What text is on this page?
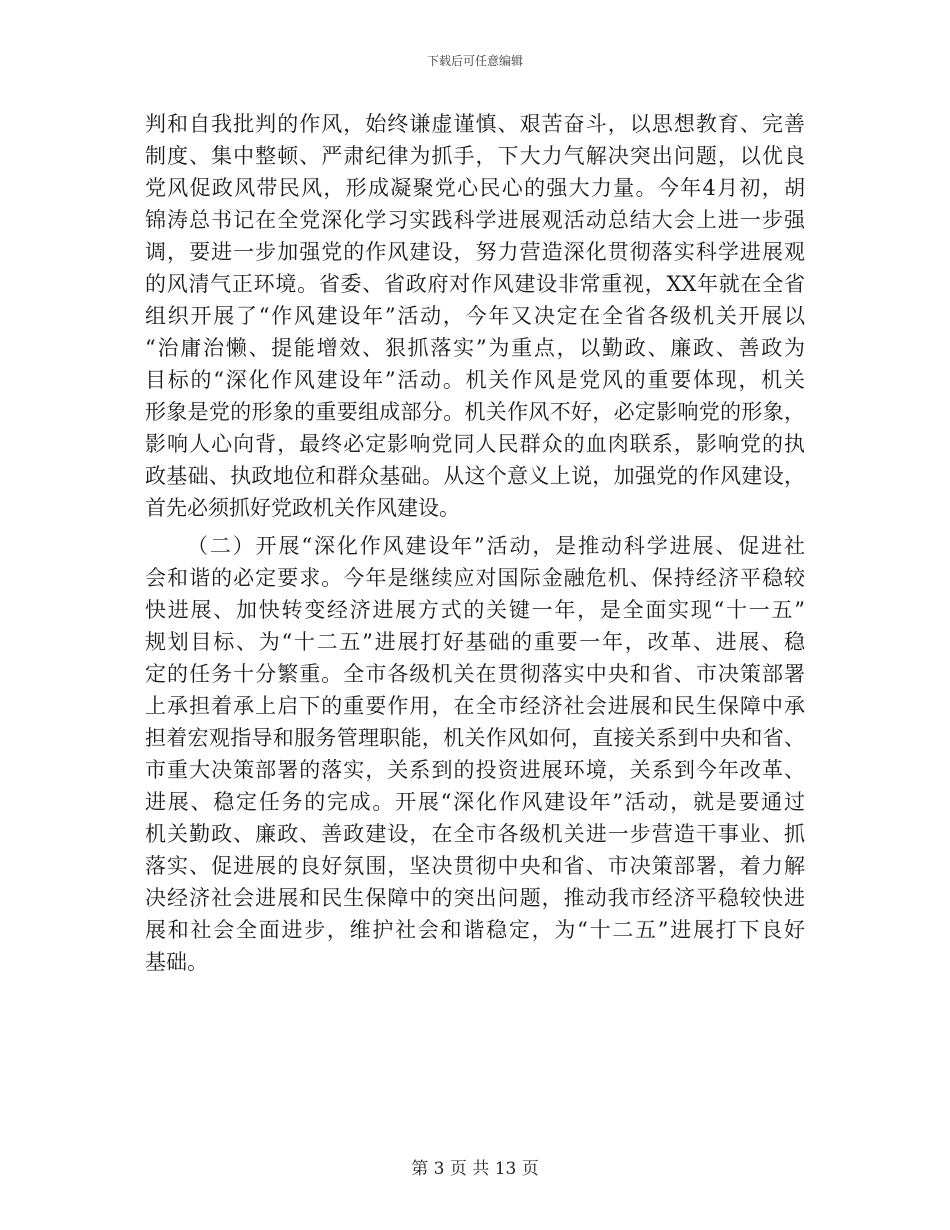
下载后可任意编辑
判和自我批判的作风，始终谦虚谨慎、艰苦奋斗，以思想教育、完善
制度、集中整顿、严肃纪律为抓手，下大力气解决突出问题，以优良
党风促政风带民风，形成凝聚党心民心的强大力量。今年4月初，胡
锦涛总书记在全党深化学习实践科学进展观活动总结大会上进一步强
调，要进一步加强党的作风建设，努力营造深化贯彻落实科学进展观
的风清气正环境。省委、省政府对作风建设非常重视，XX年就在全省
组织开展了“作风建设年”活动，今年又决定在全省各级机关开展以
“治庸治懒、提能增效、狠抓落实”为重点，以勤政、廉政、善政为
目标的“深化作风建设年”活动。机关作风是党风的重要体现，机关
形象是党的形象的重要组成部分。机关作风不好，必定影响党的形象，
影响人心向背，最终必定影响党同人民群众的血肉联系，影响党的执
政基础、执政地位和群众基础。从这个意义上说，加强党的作风建设，
首先必须抓好党政机关作风建设。
（二）开展“深化作风建设年”活动，是推动科学进展、促进社
会和谐的必定要求。今年是继续应对国际金融危机、保持经济平稳较
快进展、加快转变经济进展方式的关键一年，是全面实现“十一五”
规划目标、为“十二五”进展打好基础的重要一年，改革、进展、稳
定的任务十分繁重。全市各级机关在贯彻落实中央和省、市决策部署
上承担着承上启下的重要作用，在全市经济社会进展和民生保障中承
担着宏观指导和服务管理职能，机关作风如何，直接关系到中央和省、
市重大决策部署的落实，关系到的投资进展环境，关系到今年改革、
进展、稳定任务的完成。开展“深化作风建设年”活动，就是要通过
机关勤政、廉政、善政建设，在全市各级机关进一步营造干事业、抓
落实、促进展的良好氛围，坚决贯彻中央和省、市决策部署，着力解
决经济社会进展和民生保障中的突出问题，推动我市经济平稳较快进
展和社会全面进步，维护社会和谐稳定，为“十二五”进展打下良好
基础。
第 3 页 共 13 页
